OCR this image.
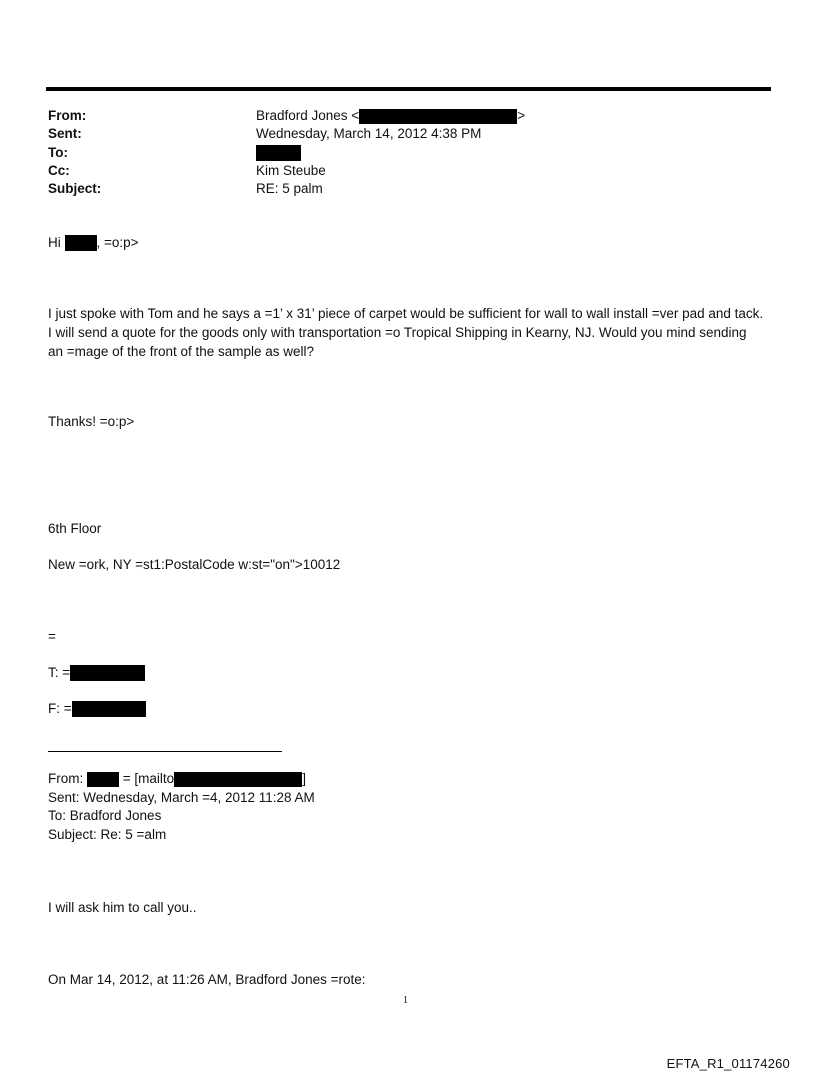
From:	Bradford Jones <	>
Sent:	Wednesday, March 14, 2012 4:38 PM
To:
Cc:	Kim Steube
Subject:	RE: 5 palm
Hi	, =o:p>
I just spoke with Tom and he says a =1’ x 31’ piece of carpet would be sufficient for wall to wall install =ver pad and tack.
I will send a quote for the goods only with transportation =o Tropical Shipping in Kearny, NJ. Would you mind sending
an =mage of the front of the sample as well?
Thanks! =o:p>
6th Floor
New =ork, NY =st1:PostalCode w:st="on">10012
=
T: =
F: =
From:	= [mailto	]
Sent: Wednesday, March =4, 2012 11:28 AM
To: Bradford Jones
Subject: Re: 5 =alm
I will ask him to call you..
On Mar 14, 2012, at 11:26 AM, Bradford Jones =rote:
1
EFTA_R1_01174260
